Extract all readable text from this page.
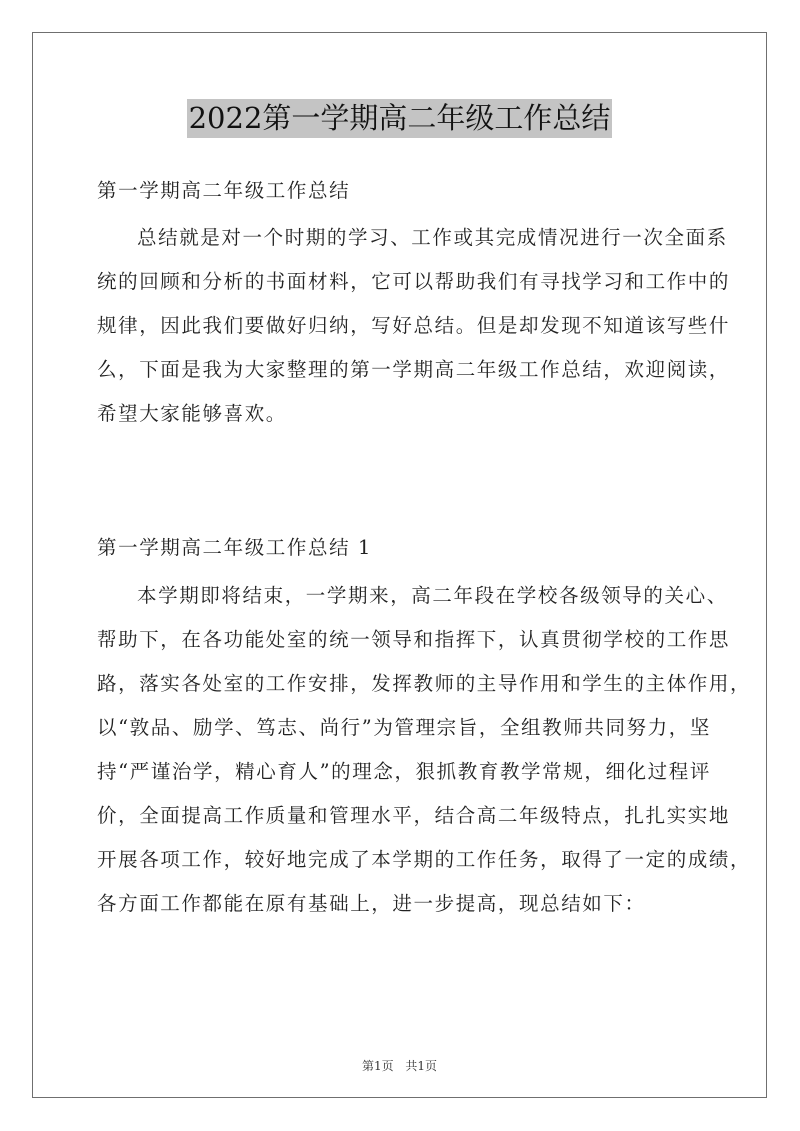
2022第一学期高二年级工作总结
第一学期高二年级工作总结
总结就是对一个时期的学习、工作或其完成情况进行一次全面系
统的回顾和分析的书面材料，它可以帮助我们有寻找学习和工作中的
规律，因此我们要做好归纳，写好总结。但是却发现不知道该写些什
么，下面是我为大家整理的第一学期高二年级工作总结，欢迎阅读，
希望大家能够喜欢。
第一学期高二年级工作总结 1
本学期即将结束，一学期来，高二年段在学校各级领导的关心、
帮助下，在各功能处室的统一领导和指挥下，认真贯彻学校的工作思
路，落实各处室的工作安排，发挥教师的主导作用和学生的主体作用，
以“敦品、励学、笃志、尚行”为管理宗旨，全组教师共同努力，坚
持“严谨治学，精心育人”的理念，狠抓教育教学常规，细化过程评
价，全面提高工作质量和管理水平，结合高二年级特点，扎扎实实地
开展各项工作，较好地完成了本学期的工作任务，取得了一定的成绩，
各方面工作都能在原有基础上，进一步提高，现总结如下：
第1页 共1页
